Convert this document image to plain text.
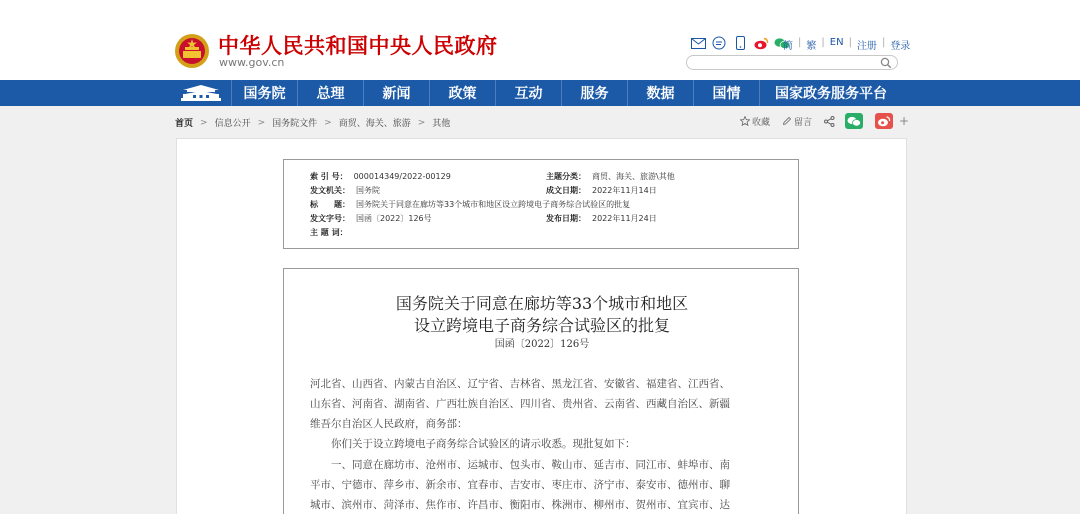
中华人民共和国中央人民政府
www.gov.cn
简 | 繁 | EN | 注册 | 登录
国务院	总理	新闻	政策	互动	服务	数据	国情	国家政务服务平台
首页 > 信息公开 > 国务院文件 > 商贸、海关、旅游 > 其他	收藏	留言	+
索 引 号： 000014349/2022-00129	主题分类： 商贸、海关、旅游\其他
发文机关： 国务院	成文日期： 2022年11月14日
标　　题： 国务院关于同意在廊坊等33个城市和地区设立跨境电子商务综合试验区的批复
发文字号： 国函〔2022〕126号	发布日期： 2022年11月24日
主 题 词：
国务院关于同意在廊坊等33个城市和地区
设立跨境电子商务综合试验区的批复
国函〔2022〕126号
河北省、山西省、内蒙古自治区、辽宁省、吉林省、黑龙江省、安徽省、福建省、江西省、
山东省、河南省、湖南省、广西壮族自治区、四川省、贵州省、云南省、西藏自治区、新疆
维吾尔自治区人民政府，商务部：
　　你们关于设立跨境电子商务综合试验区的请示收悉。现批复如下：
　　一、同意在廊坊市、沧州市、运城市、包头市、鞍山市、延吉市、同江市、蚌埠市、南
平市、宁德市、萍乡市、新余市、宜春市、吉安市、枣庄市、济宁市、泰安市、德州市、聊
城市、滨州市、菏泽市、焦作市、许昌市、衡阳市、株洲市、柳州市、贺州市、宜宾市、达
